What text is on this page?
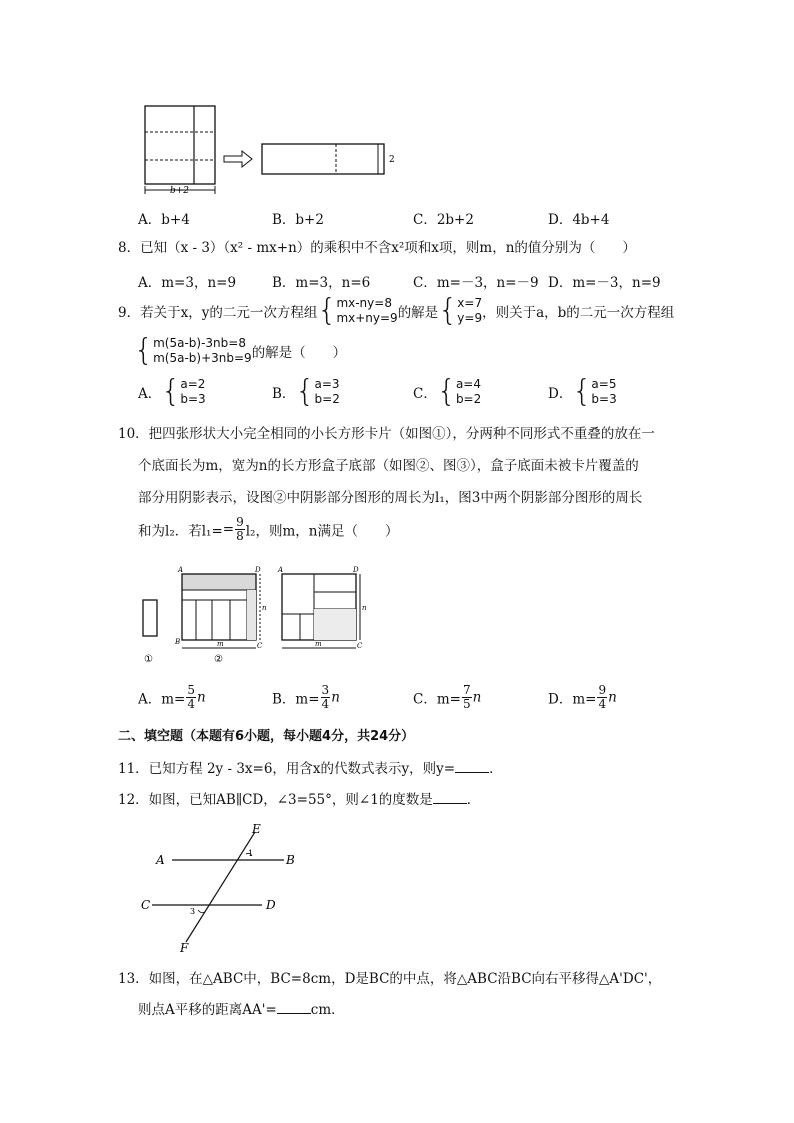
b+2
2
A．b+4	B．b+2	C．2b+2	D．4b+4
8．已知（x - 3）（x² - mx+n）的乘积中不含x²项和x项，则m，n的值分别为（　　）
A．m=3，n=9	B．m=3，n=6	C．m=－3，n=－9 D．m=－3，n=9
9．若关于x，y的二元一次方程组{mx-ny=8
mx+ny=9的解是{x=7
y=9，则关于a，b的二元一次方程组
{m(5a-b)-3nb=8
m(5a-b)+3nb=9的解是（　　）
A．{a=2
b=3	B．{a=3
b=2	C．{a=4
b=2	D．{a=5
b=3
10．把四张形状大小完全相同的小长方形卡片（如图①），分两种不同形式不重叠的放在一
个底面长为m，宽为n的长方形盒子底部（如图②、图③），盒子底面未被卡片覆盖的
部分用阴影表示，设图②中阴影部分图形的周长为l₁，图3中两个阴影部分图形的周长
和为l₂．若$l_1== \frac{9}{8} l_2$，则m，n满足（　　）
①
A	D
B	C
n
m
②
A	D
C
n
m
A．$m= \frac{5}{4}$ n	B．$m= \frac{3}{4}$ n	C．$m= \frac{7}{5}$ n	D．$m= \frac{9}{4}$ n
二、填空题（本题有6小题，每小题4分，共24分）
11．已知方程 2y - 3x=6，用含x的代数式表示y，则y=	．
12．如图，已知AB∥CD，∠3=55°，则∠1的度数是	．
E
A	B
C	D
F
1
3
13．如图，在△ABC中，BC=8cm，D是BC的中点，将△ABC沿BC向右平移得△A'DC'，
则点A平移的距离AA'=	cm．
